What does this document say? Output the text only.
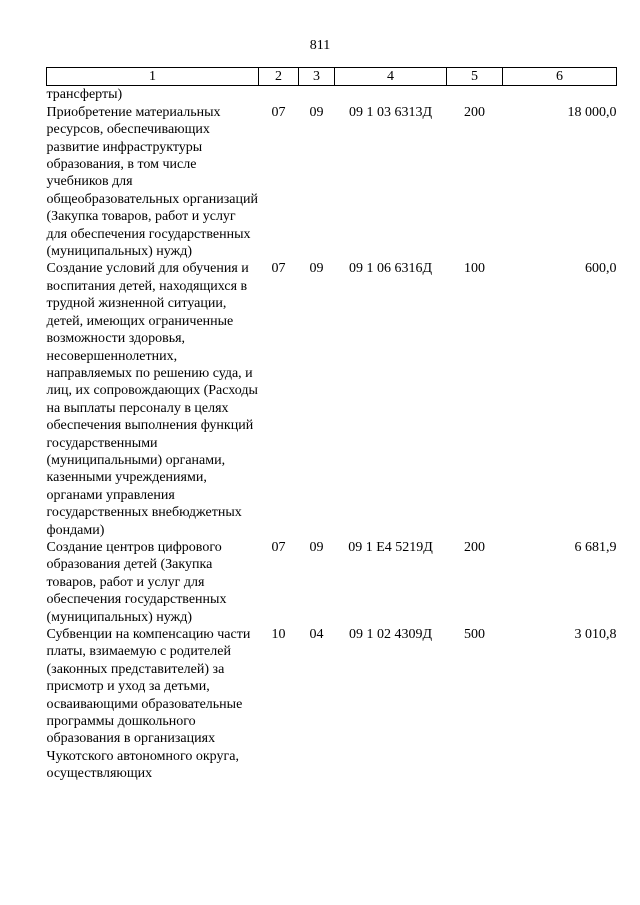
811
1	2	3	4	5	6
трансферты)					
Приобретение материальных ресурсов, обеспечивающих развитие инфраструктуры образования, в том числе учебников для общеобразовательных организаций (Закупка товаров, работ и услуг для обеспечения государственных (муниципальных) нужд)	07	09	09 1 03 6313Д	200	18 000,0
Создание условий для обучения и воспитания детей, находящихся в трудной жизненной ситуации, детей, имеющих ограниченные возможности здоровья, несовершеннолетних, направляемых по решению суда, и лиц, их сопровождающих (Расходы на выплаты персоналу в целях обеспечения выполнения функций государственными (муниципальными) органами, казенными учреждениями, органами управления государственных внебюджетных фондами)	07	09	09 1 06 6316Д	100	600,0
Создание центров цифрового образования детей (Закупка товаров, работ и услуг для обеспечения государственных (муниципальных) нужд)	07	09	09 1 E4 5219Д	200	6 681,9
Субвенции на компенсацию части платы, взимаемую с родителей (законных представителей) за присмотр и уход за детьми, осваивающими образовательные программы дошкольного образования в организациях Чукотского автономного округа, осуществляющих	10	04	09 1 02 4309Д	500	3 010,8
